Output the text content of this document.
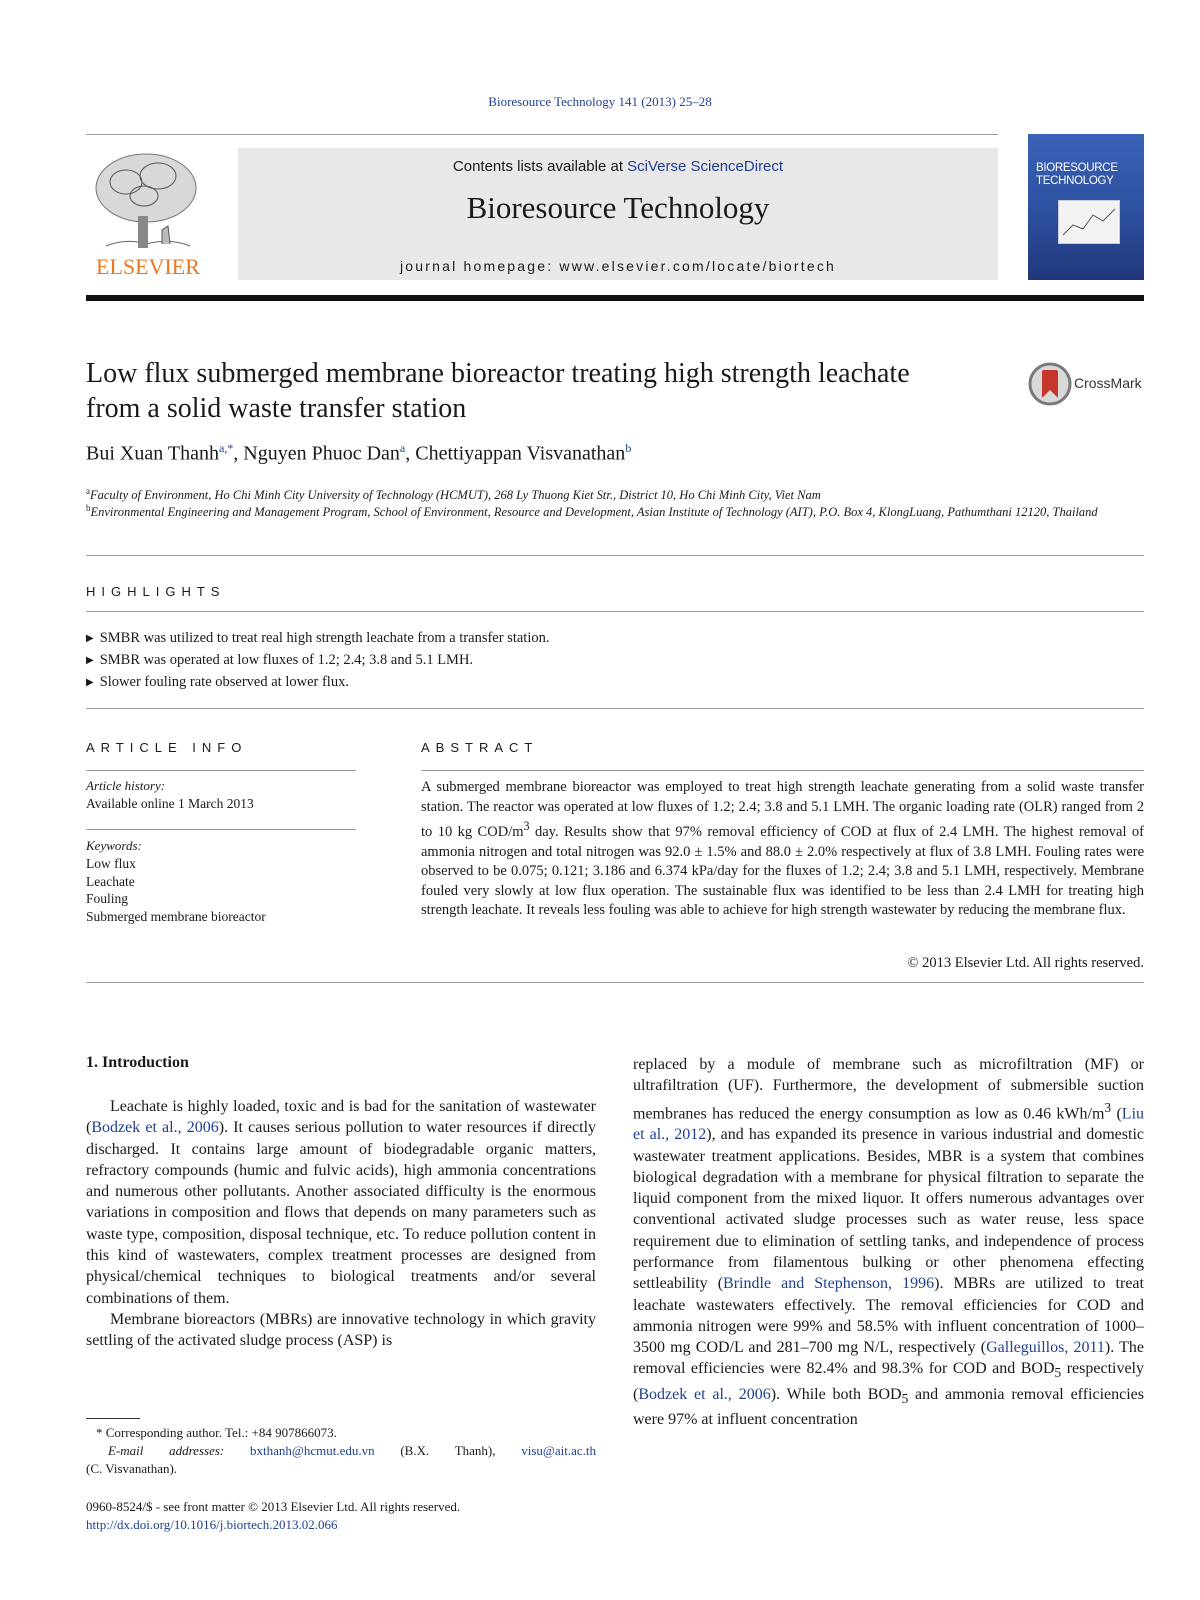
Bioresource Technology 141 (2013) 25–28
ELSEVIER
Contents lists available at SciVerse ScienceDirect
Bioresource Technology
journal homepage: www.elsevier.com/locate/biortech
BIORESOURCE TECHNOLOGY
Low flux submerged membrane bioreactor treating high strength leachate from a solid waste transfer station
CrossMark
Bui Xuan Thanh$^{a,*}$, Nguyen Phuoc Dan$^a$, Chettiyappan Visvanathan$^b$
$^a$Faculty of Environment, Ho Chi Minh City University of Technology (HCMUT), 268 Ly Thuong Kiet Str., District 10, Ho Chi Minh City, Viet Nam
$^b$Environmental Engineering and Management Program, School of Environment, Resource and Development, Asian Institute of Technology (AIT), P.O. Box 4, KlongLuang, Pathumthani 12120, Thailand
HIGHLIGHTS
▶ SMBR was utilized to treat real high strength leachate from a transfer station.
▶ SMBR was operated at low fluxes of 1.2; 2.4; 3.8 and 5.1 LMH.
▶ Slower fouling rate observed at lower flux.
ARTICLE INFO
Article history:
Available online 1 March 2013
Keywords:
Low flux
Leachate
Fouling
Submerged membrane bioreactor
ABSTRACT
A submerged membrane bioreactor was employed to treat high strength leachate generating from a solid waste transfer station. The reactor was operated at low fluxes of 1.2; 2.4; 3.8 and 5.1 LMH. The organic loading rate (OLR) ranged from 2 to 10 kg COD/$m^3$ day. Results show that 97% removal efficiency of COD at flux of 2.4 LMH. The highest removal of ammonia nitrogen and total nitrogen was 92.0 ± 1.5% and 88.0 ± 2.0% respectively at flux of 3.8 LMH. Fouling rates were observed to be 0.075; 0.121; 3.186 and 6.374 kPa/day for the fluxes of 1.2; 2.4; 3.8 and 5.1 LMH, respectively. Membrane fouled very slowly at low flux operation. The sustainable flux was identified to be less than 2.4 LMH for treating high strength leachate. It reveals less fouling was able to achieve for high strength wastewater by reducing the membrane flux.
© 2013 Elsevier Ltd. All rights reserved.
1. Introduction

Leachate is highly loaded, toxic and is bad for the sanitation of wastewater (Bodzek et al., 2006). It causes serious pollution to water resources if directly discharged. It contains large amount of biodegradable organic matters, refractory compounds (humic and fulvic acids), high ammonia concentrations and numerous other pollutants. Another associated difficulty is the enormous variations in composition and flows that depends on many parameters such as waste type, composition, disposal technique, etc. To reduce pollution content in this kind of wastewaters, complex treatment processes are designed from physical/chemical techniques to biological treatments and/or several combinations of them.

Membrane bioreactors (MBRs) are innovative technology in which gravity settling of the activated sludge process (ASP) is

replaced by a module of membrane such as microfiltration (MF) or ultrafiltration (UF). Furthermore, the development of submersible suction membranes has reduced the energy consumption as low as 0.46 kWh/$m^3$ (Liu et al., 2012), and has expanded its presence in various industrial and domestic wastewater treatment applications. Besides, MBR is a system that combines biological degradation with a membrane for physical filtration to separate the liquid component from the mixed liquor. It offers numerous advantages over conventional activated sludge processes such as water reuse, less space requirement due to elimination of settling tanks, and independence of process performance from filamentous bulking or other phenomena effecting settleability (Brindle and Stephenson, 1996). MBRs are utilized to treat leachate wastewaters effectively. The removal efficiencies for COD and ammonia nitrogen were 99% and 58.5% with influent concentration of 1000–3500 mg COD/L and 281–700 mg N/L, respectively (Galleguillos, 2011). The removal efficiencies were 82.4% and 98.3% for COD and $BOD_5$ respectively (Bodzek et al., 2006). While both $BOD_5$ and ammonia removal efficiencies were 97% at influent concentration

* Corresponding author. Tel.: +84 907866073.
E-mail addresses: bxthanh@hcmut.edu.vn (B.X. Thanh), visu@ait.ac.th
(C. Visvanathan).
0960-8524/$ - see front matter © 2013 Elsevier Ltd. All rights reserved.
http://dx.doi.org/10.1016/j.biortech.2013.02.066
